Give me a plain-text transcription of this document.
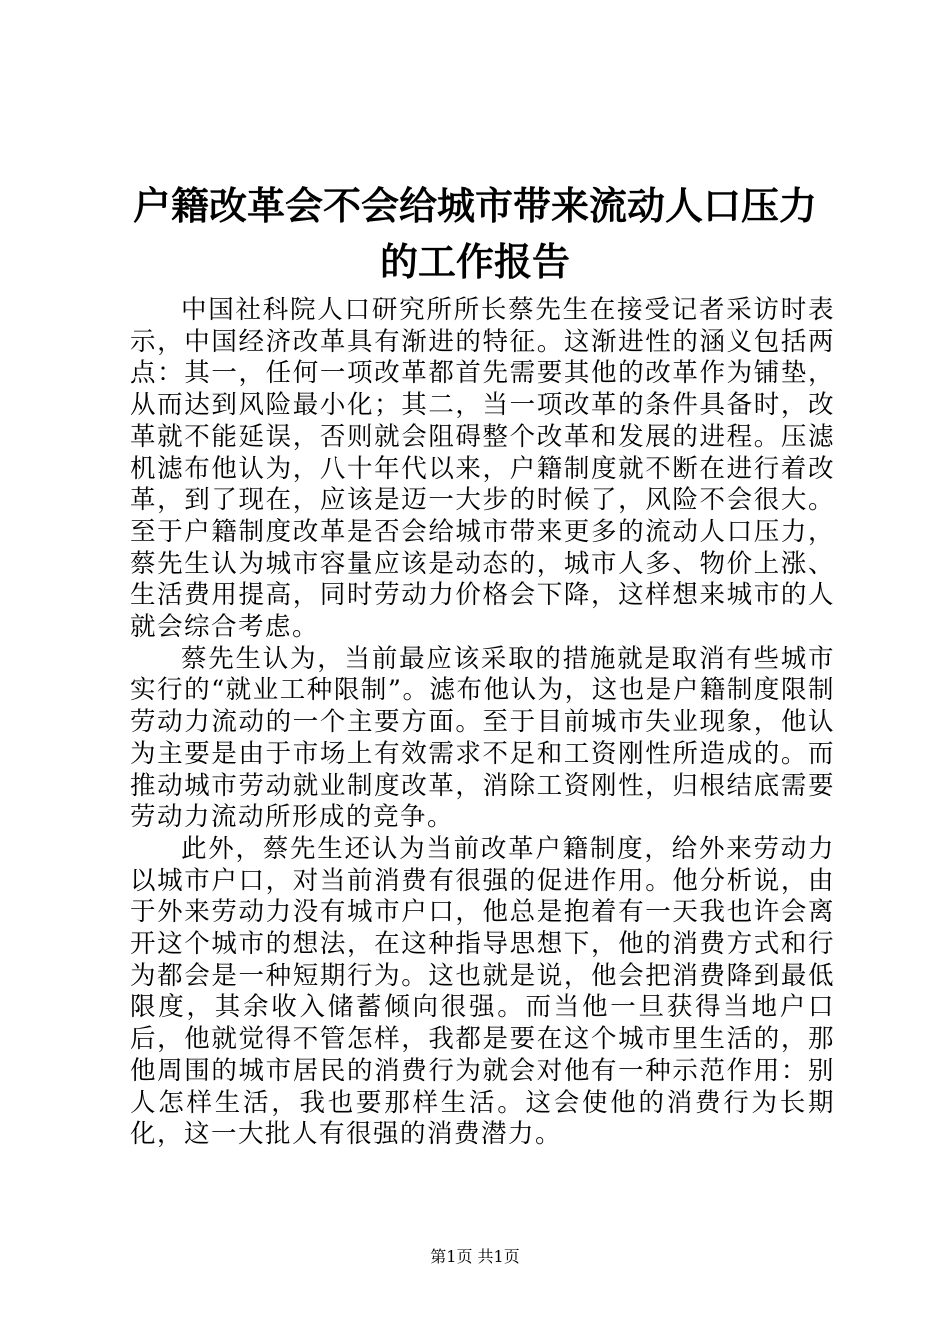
户籍改革会不会给城市带来流动人口压力的工作报告

中国社科院人口研究所所长蔡先生在接受记者采访时表示，中国经济改革具有渐进的特征。这渐进性的涵义包括两点：其一，任何一项改革都首先需要其他的改革作为铺垫，从而达到风险最小化；其二，当一项改革的条件具备时，改革就不能延误，否则就会阻碍整个改革和发展的进程。压滤机滤布他认为，八十年代以来，户籍制度就不断在进行着改革，到了现在，应该是迈一大步的时候了，风险不会很大。至于户籍制度改革是否会给城市带来更多的流动人口压力，蔡先生认为城市容量应该是动态的，城市人多、物价上涨、生活费用提高，同时劳动力价格会下降，这样想来城市的人就会综合考虑。

蔡先生认为，当前最应该采取的措施就是取消有些城市实行的“就业工种限制”。滤布他认为，这也是户籍制度限制劳动力流动的一个主要方面。至于目前城市失业现象，他认为主要是由于市场上有效需求不足和工资刚性所造成的。而推动城市劳动就业制度改革，消除工资刚性，归根结底需要劳动力流动所形成的竞争。

此外，蔡先生还认为当前改革户籍制度，给外来劳动力以城市户口，对当前消费有很强的促进作用。他分析说，由于外来劳动力没有城市户口，他总是抱着有一天我也许会离开这个城市的想法，在这种指导思想下，他的消费方式和行为都会是一种短期行为。这也就是说，他会把消费降到最低限度，其余收入储蓄倾向很强。而当他一旦获得当地户口后，他就觉得不管怎样，我都是要在这个城市里生活的，那他周围的城市居民的消费行为就会对他有一种示范作用：别人怎样生活，我也要那样生活。这会使他的消费行为长期化，这一大批人有很强的消费潜力。

第1页 共1页
